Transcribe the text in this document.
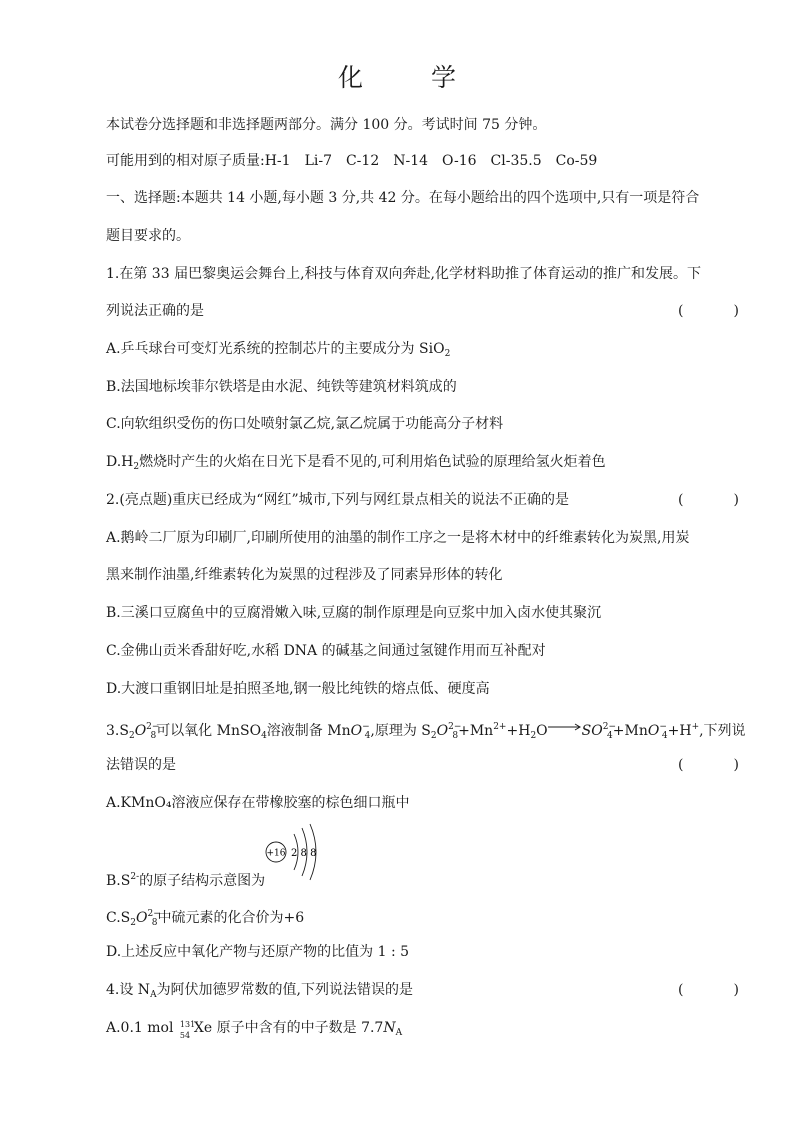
化 学
本试卷分选择题和非选择题两部分。满分 100 分。考试时间 75 分钟。
可能用到的相对原子质量:H-1　Li-7　C-12　N-14　O-16　Cl-35.5　Co-59
一、选择题:本题共 14 小题,每小题 3 分,共 42 分。在每小题给出的四个选项中,只有一项是符合
题目要求的。
1.在第 33 届巴黎奥运会舞台上,科技与体育双向奔赴,化学材料助推了体育运动的推广和发展。下
列说法正确的是	(　)
A.乒乓球台可变灯光系统的控制芯片的主要成分为 SiO$_2$
B.法国地标埃菲尔铁塔是由水泥、纯铁等建筑材料筑成的
C.向软组织受伤的伤口处喷射氯乙烷,氯乙烷属于功能高分子材料
$D.H_2$燃烧时产生的火焰在日光下是看不见的,可利用焰色试验的原理给氢火炬着色
2.(亮点题)重庆已经成为“网红”城市,下列与网红景点相关的说法不正确的是	(　)
A.鹅岭二厂原为印刷厂,印刷所使用的油墨的制作工序之一是将木材中的纤维素转化为炭黑,用炭
黑来制作油墨,纤维素转化为炭黑的过程涉及了同素异形体的转化
B.三溪口豆腐鱼中的豆腐滑嫩入味,豆腐的制作原理是向豆浆中加入卤水使其聚沉
C.金佛山贡米香甜好吃,水稻 DNA 的碱基之间通过氢键作用而互补配对
D.大渡口重钢旧址是拍照圣地,钢一般比纯铁的熔点低、硬度高
$3.S_2O^{2-}_8$可以氧化 MnSO$_4$溶液制备 MnO−$_4$,原理为 $S_2O^{2-}_8+Mn^{2+}+H_2O\to SO^{2-}_4+MnO^-_4+H^+$,下列说
法错误的是	(　)
A.KMnO₄溶液应保存在带橡胶塞的棕色细口瓶中
+16 2 8 8
$B.S^{2-}$的原子结构示意图为
$C.S_2O^{2-}_8$中硫元素的化合价为+6
D.上述反应中氧化产物与还原产物的比值为 1 : 5
4.设 $N_A$为阿伏加德罗常数的值,下列说法错误的是	(　)
A.0.1 mol 131
54 Xe 原子中含有的中子数是 $7.7N_A$
